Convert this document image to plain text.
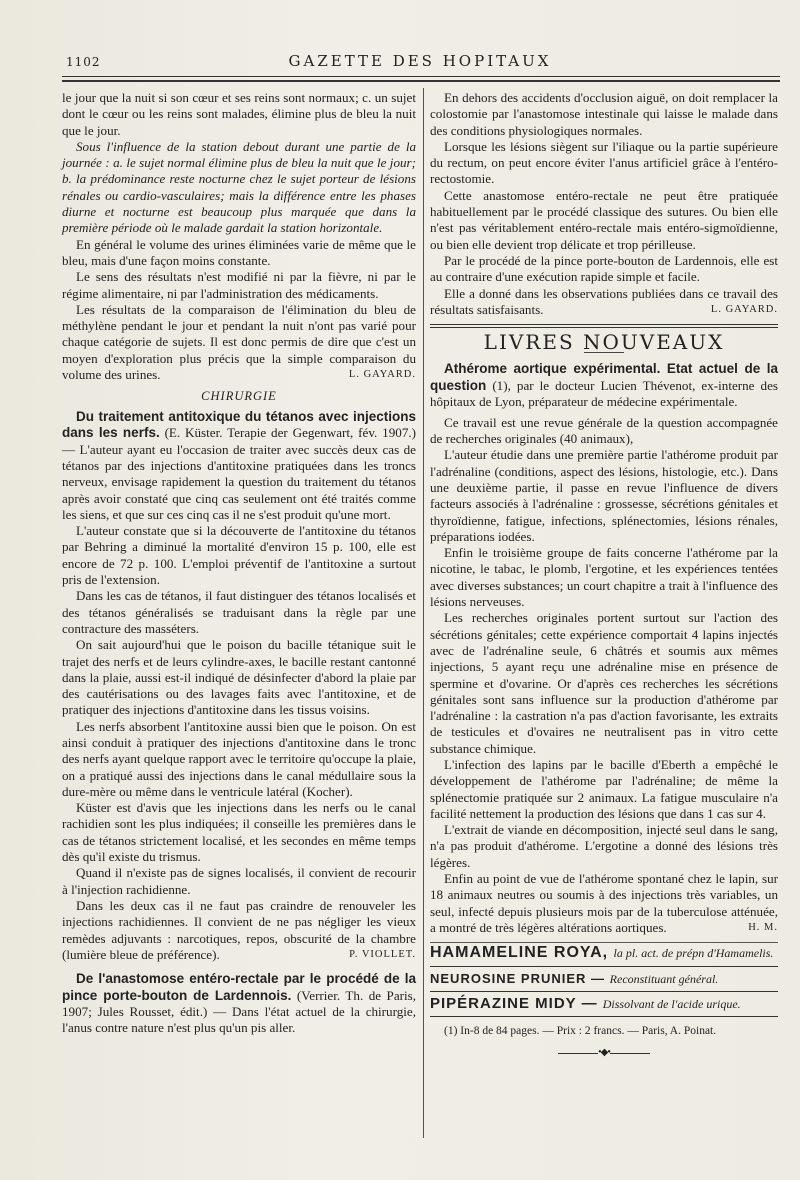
1102	GAZETTE DES HOPITAUX

le jour que la nuit si son cœur et ses reins sont normaux; c. un sujet dont le cœur ou les reins sont malades, élimine plus de bleu la nuit que le jour.

Sous l'influence de la station debout durant une partie de la journée : a. le sujet normal élimine plus de bleu la nuit que le jour; b. la prédominance reste nocturne chez le sujet porteur de lésions rénales ou cardio-vasculaires; mais la différence entre les phases diurne et nocturne est beaucoup plus marquée que dans la première période où le malade gardait la station horizontale.

En général le volume des urines éliminées varie de même que le bleu, mais d'une façon moins constante.

Le sens des résultats n'est modifié ni par la fièvre, ni par le régime alimentaire, ni par l'administration des médicaments.

Les résultats de la comparaison de l'élimination du bleu de méthylène pendant le jour et pendant la nuit n'ont pas varié pour chaque catégorie de sujets. Il est donc permis de dire que c'est un moyen d'exploration plus précis que la simple comparaison du volume des urines.	L. GAYARD.

CHIRURGIE

Du traitement antitoxique du tétanos avec injections dans les nerfs. (E. Küster. Terapie der Gegenwart, fév. 1907.) — L'auteur ayant eu l'occasion de traiter avec succès deux cas de tétanos par des injections d'antitoxine pratiquées dans les troncs nerveux, envisage rapidement la question du traitement du tétanos après avoir constaté que cinq cas seulement ont été traités comme les siens, et que sur ces cinq cas il ne s'est produit qu'une mort.

L'auteur constate que si la découverte de l'antitoxine du tétanos par Behring a diminué la mortalité d'environ 15 p. 100, elle est encore de 72 p. 100. L'emploi préventif de l'antitoxine a surtout pris de l'extension.

Dans les cas de tétanos, il faut distinguer des tétanos localisés et des tétanos généralisés se traduisant dans la règle par une contracture des masséters.

On sait aujourd'hui que le poison du bacille tétanique suit le trajet des nerfs et de leurs cylindre-axes, le bacille restant cantonné dans la plaie, aussi est-il indiqué de désinfecter d'abord la plaie par des cautérisations ou des lavages faits avec l'antitoxine, et de pratiquer des injections d'antitoxine dans les tissus voisins.

Les nerfs absorbent l'antitoxine aussi bien que le poison. On est ainsi conduit à pratiquer des injections d'antitoxine dans le tronc des nerfs ayant quelque rapport avec le territoire qu'occupe la plaie, on a pratiqué aussi des injections dans le canal médullaire sous la dure-mère ou même dans le ventricule latéral (Kocher).

Küster est d'avis que les injections dans les nerfs ou le canal rachidien sont les plus indiquées; il conseille les premières dans le cas de tétanos strictement localisé, et les secondes en même temps dès qu'il existe du trismus.

Quand il n'existe pas de signes localisés, il convient de recourir à l'injection rachidienne.

Dans les deux cas il ne faut pas craindre de renouveler les injections rachidiennes. Il convient de ne pas négliger les vieux remèdes adjuvants : narcotiques, repos, obscurité de la chambre (lumière bleue de préférence).	P. VIOLLET.

De l'anastomose entéro-rectale par le procédé de la pince porte-bouton de Lardennois. (Verrier. Th. de Paris, 1907; Jules Rousset, édit.) — Dans l'état actuel de la chirurgie, l'anus contre nature n'est plus qu'un pis aller.

En dehors des accidents d'occlusion aiguë, on doit remplacer la colostomie par l'anastomose intestinale qui laisse le malade dans des conditions physiologiques normales.

Lorsque les lésions siègent sur l'iliaque ou la partie supérieure du rectum, on peut encore éviter l'anus artificiel grâce à l'entéro-rectostomie.

Cette anastomose entéro-rectale ne peut être pratiquée habituellement par le procédé classique des sutures. Ou bien elle n'est pas véritablement entéro-rectale mais entéro-sigmoïdienne, ou bien elle devient trop délicate et trop périlleuse.

Par le procédé de la pince porte-bouton de Lardennois, elle est au contraire d'une exécution rapide simple et facile.

Elle a donné dans les observations publiées dans ce travail des résultats satisfaisants.	L. GAYARD.

LIVRES NOUVEAUX

Athérome aortique expérimental. Etat actuel de la question (1), par le docteur Lucien Thévenot, ex-interne des hôpitaux de Lyon, préparateur de médecine expérimentale.

Ce travail est une revue générale de la question accompagnée de recherches originales (40 animaux),

L'auteur étudie dans une première partie l'athérome produit par l'adrénaline (conditions, aspect des lésions, histologie, etc.). Dans une deuxième partie, il passe en revue l'influence de divers facteurs associés à l'adrénaline : grossesse, sécrétions génitales et thyroïdienne, fatigue, infections, splénectomies, lésions rénales, préparations iodées.

Enfin le troisième groupe de faits concerne l'athérome par la nicotine, le tabac, le plomb, l'ergotine, et les expériences tentées avec diverses substances; un court chapitre a trait à l'influence des lésions nerveuses.

Les recherches originales portent surtout sur l'action des sécrétions génitales; cette expérience comportait 4 lapins injectés avec de l'adrénaline seule, 6 châtrés et soumis aux mêmes injections, 5 ayant reçu une adrénaline mise en présence de spermine et d'ovarine. Or d'après ces recherches les sécrétions génitales sont sans influence sur la production d'athérome par l'adrénaline : la castration n'a pas d'action favorisante, les extraits de testicules et d'ovaires ne neutralisent pas in vitro cette substance chimique.

L'infection des lapins par le bacille d'Eberth a empêché le développement de l'athérome par l'adrénaline; de même la splénectomie pratiquée sur 2 animaux. La fatigue musculaire n'a facilité nettement la production des lésions que dans 1 cas sur 4.

L'extrait de viande en décomposition, injecté seul dans le sang, n'a pas produit d'athérome. L'ergotine a donné des lésions très légères.

Enfin au point de vue de l'athérome spontané chez le lapin, sur 18 animaux neutres ou soumis à des injections très variables, un seul, infecté depuis plusieurs mois par de la tuberculose atténuée, a montré de très légères altérations aortiques.	H. M.

HAMAMELINE ROYA, la pl. act. de prépn d'Hamamelis.
NEUROSINE PRUNIER — Reconstituant général.
PIPÉRAZINE MIDY — Dissolvant de l'acide urique.

(1) In-8 de 84 pages. — Prix : 2 francs. — Paris, A. Poinat.

•◆•
